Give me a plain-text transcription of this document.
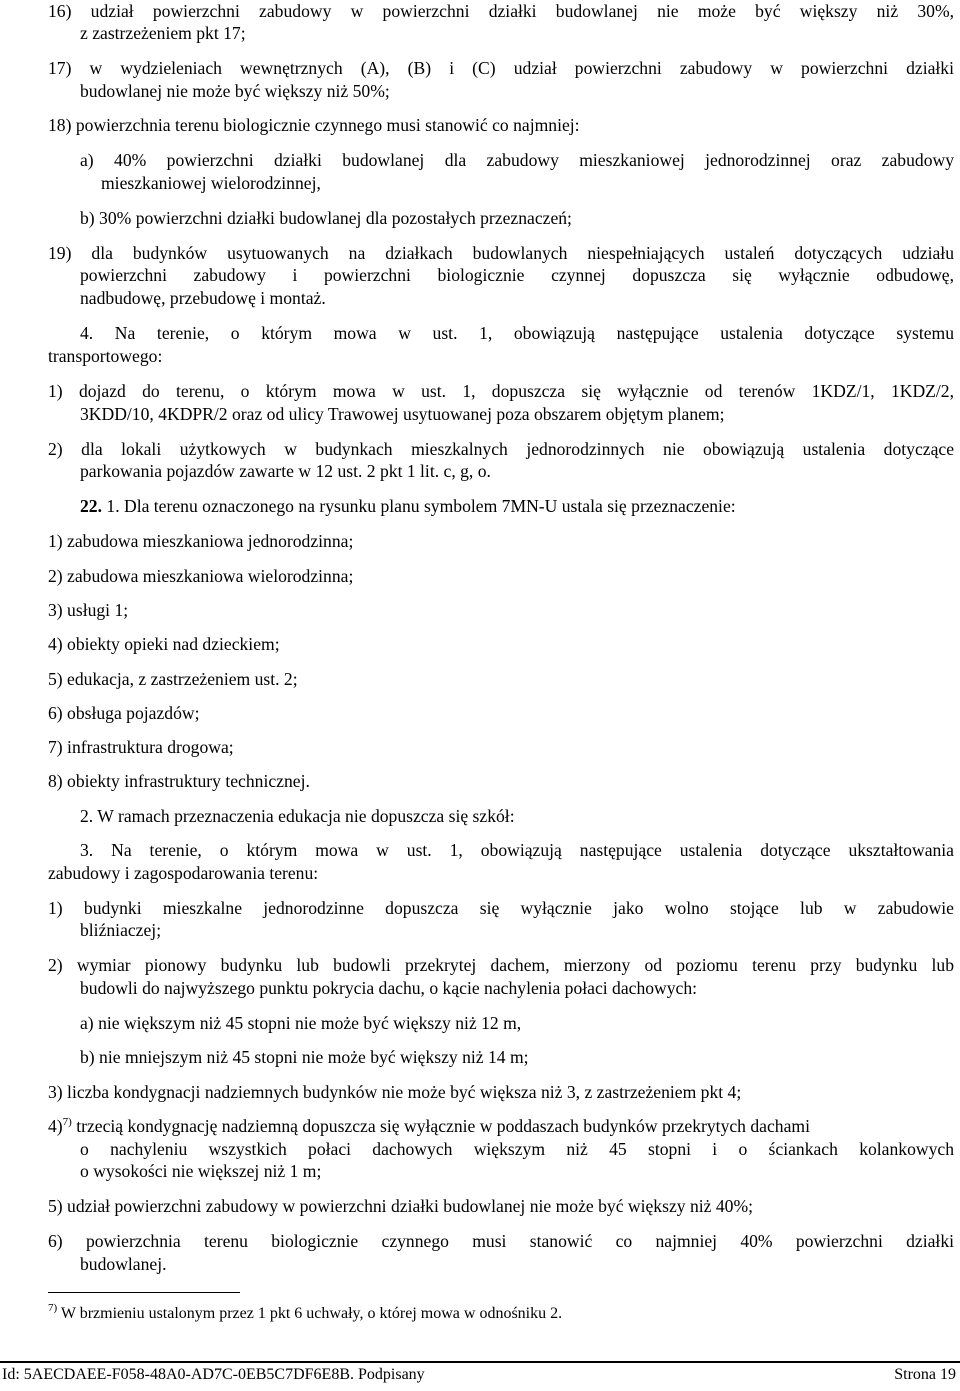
16) udział powierzchni zabudowy w powierzchni działki budowlanej nie może być większy niż 30%,
z zastrzeżeniem pkt 17;
17) w wydzieleniach wewnętrznych (A), (B) i (C) udział powierzchni zabudowy w powierzchni działki
budowlanej nie może być większy niż 50%;
18) powierzchnia terenu biologicznie czynnego musi stanowić co najmniej:
a) 40% powierzchni działki budowlanej dla zabudowy mieszkaniowej jednorodzinnej oraz zabudowy
mieszkaniowej wielorodzinnej,
b) 30% powierzchni działki budowlanej dla pozostałych przeznaczeń;
19) dla budynków usytuowanych na działkach budowlanych niespełniających ustaleń dotyczących udziału
powierzchni zabudowy i powierzchni biologicznie czynnej dopuszcza się wyłącznie odbudowę,
nadbudowę, przebudowę i montaż.
4. Na terenie, o którym mowa w ust. 1, obowiązują następujące ustalenia dotyczące systemu
transportowego:
1) dojazd do terenu, o którym mowa w ust. 1, dopuszcza się wyłącznie od terenów 1KDZ/1, 1KDZ/2,
3KDD/10, 4KDPR/2 oraz od ulicy Trawowej usytuowanej poza obszarem objętym planem;
2) dla lokali użytkowych w budynkach mieszkalnych jednorodzinnych nie obowiązują ustalenia dotyczące
parkowania pojazdów zawarte w 12 ust. 2 pkt 1 lit. c, g, o.
22. 1. Dla terenu oznaczonego na rysunku planu symbolem 7MN-U ustala się przeznaczenie:
1) zabudowa mieszkaniowa jednorodzinna;
2) zabudowa mieszkaniowa wielorodzinna;
3) usługi 1;
4) obiekty opieki nad dzieckiem;
5) edukacja, z zastrzeżeniem ust. 2;
6) obsługa pojazdów;
7) infrastruktura drogowa;
8) obiekty infrastruktury technicznej.
2. W ramach przeznaczenia edukacja nie dopuszcza się szkół:
3. Na terenie, o którym mowa w ust. 1, obowiązują następujące ustalenia dotyczące ukształtowania
zabudowy i zagospodarowania terenu:
1) budynki mieszkalne jednorodzinne dopuszcza się wyłącznie jako wolno stojące lub w zabudowie
bliźniaczej;
2) wymiar pionowy budynku lub budowli przekrytej dachem, mierzony od poziomu terenu przy budynku lub
budowli do najwyższego punktu pokrycia dachu, o kącie nachylenia połaci dachowych:
a) nie większym niż 45 stopni nie może być większy niż 12 m,
b) nie mniejszym niż 45 stopni nie może być większy niż 14 m;
3) liczba kondygnacji nadziemnych budynków nie może być większa niż 3, z zastrzeżeniem pkt 4;
4)$^{7)}$ trzecią kondygnację nadziemną dopuszcza się wyłącznie w poddaszach budynków przekrytych dachami
o nachyleniu wszystkich połaci dachowych większym niż 45 stopni i o ściankach kolankowych
o wysokości nie większej niż 1 m;
5) udział powierzchni zabudowy w powierzchni działki budowlanej nie może być większy niż 40%;
6) powierzchnia terenu biologicznie czynnego musi stanowić co najmniej 40% powierzchni działki
budowlanej.
$^{7)}$ W brzmieniu ustalonym przez 1 pkt 6 uchwały, o której mowa w odnośniku 2.
Id: 5AECDAEE-F058-48A0-AD7C-0EB5C7DF6E8B. Podpisany	Strona 19
